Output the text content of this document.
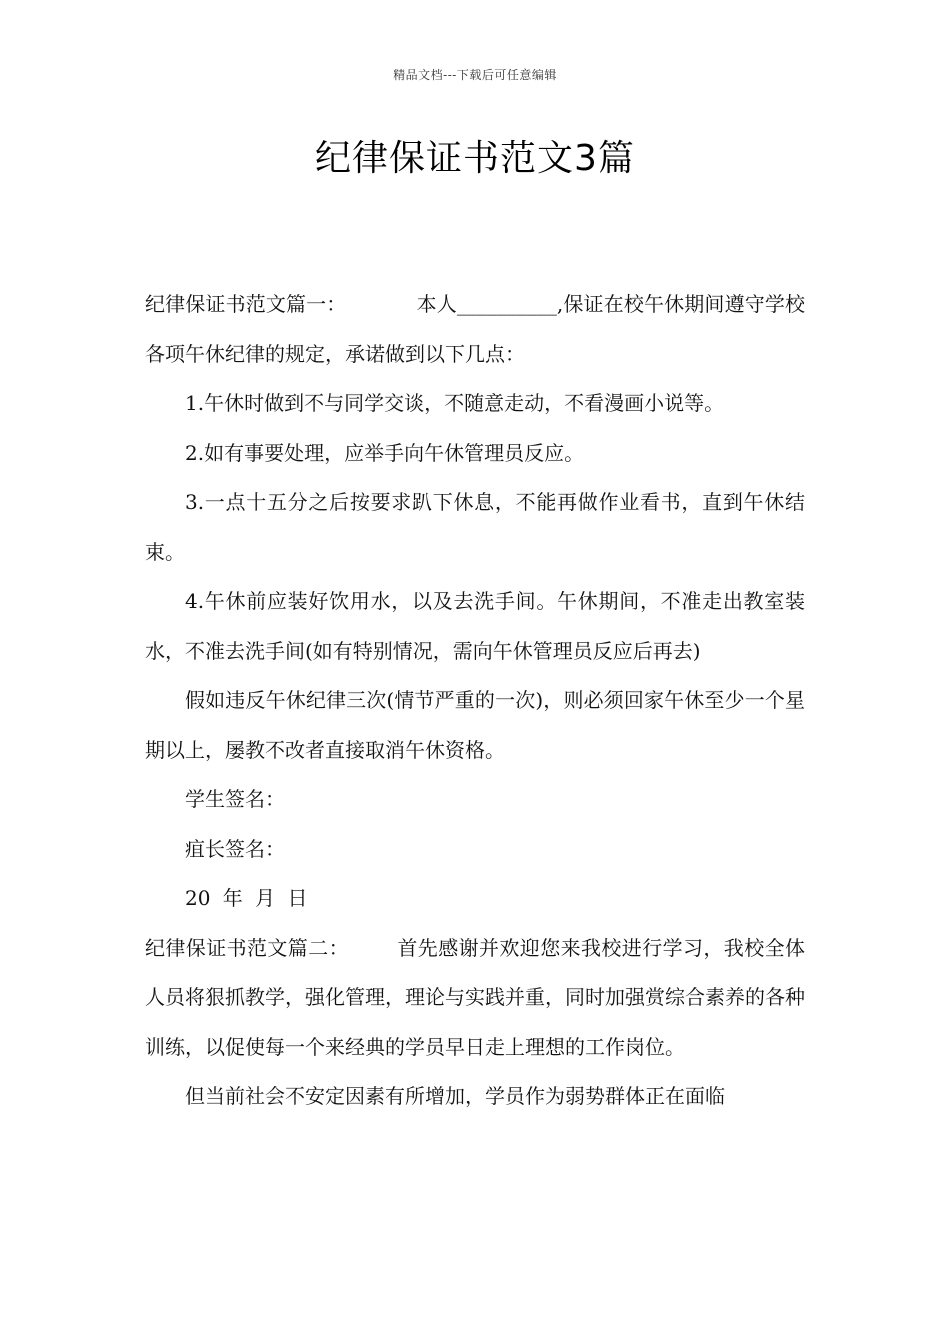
精品文档---下载后可任意编辑
纪律保证书范文3篇

纪律保证书范文篇一：	本人__________,保证在校午休期间遵守学校各项午休纪律的规定，承诺做到以下几点：

1.午休时做到不与同学交谈，不随意走动，不看漫画小说等。

2.如有事要处理，应举手向午休管理员反应。

3.一点十五分之后按要求趴下休息，不能再做作业看书，直到午休结束。

4.午休前应装好饮用水，以及去洗手间。午休期间，不准走出教室装水，不准去洗手间(如有特别情况，需向午休管理员反应后再去)

假如违反午休纪律三次(情节严重的一次)，则必须回家午休至少一个星期以上，屡教不改者直接取消午休资格。

学生签名：

疽长签名：

20 年 月 日

纪律保证书范文篇二： 首先感谢并欢迎您来我校进行学习，我校全体人员将狠抓教学，强化管理，理论与实践并重，同时加强赏综合素养的各种训练，以促使每一个来经典的学员早日走上理想的工作岗位。

但当前社会不安定因素有所增加，学员作为弱势群体正在面临
